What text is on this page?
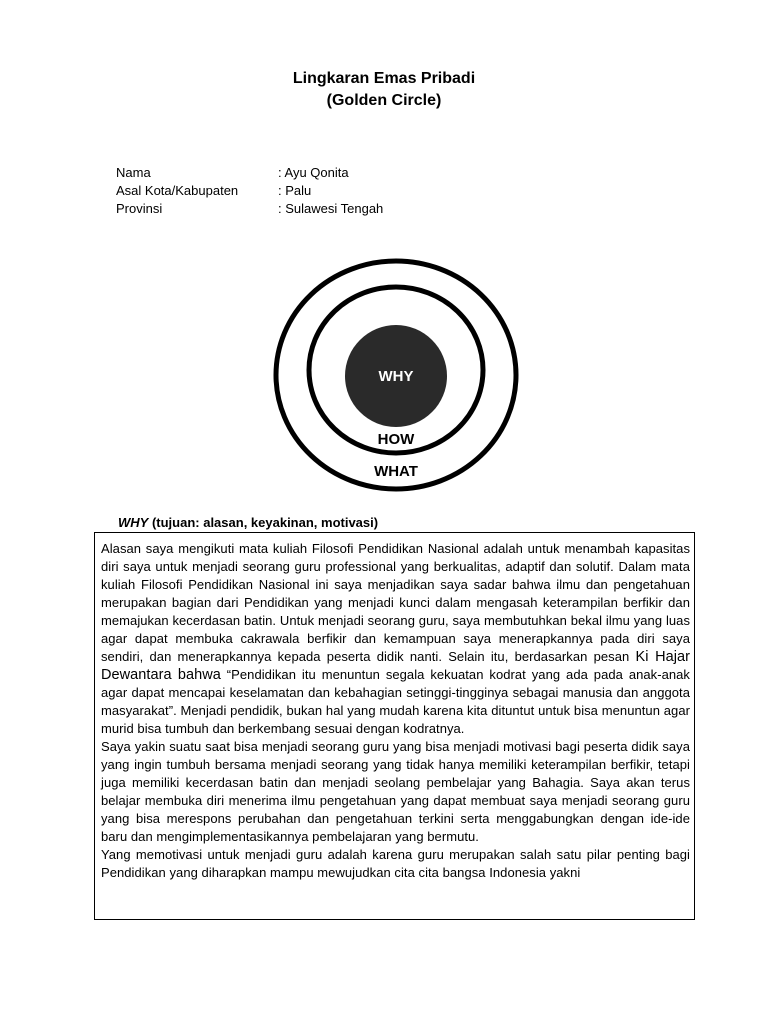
Lingkaran Emas Pribadi
(Golden Circle)
Nama	: Ayu Qonita
Asal Kota/Kabupaten	: Palu
Provinsi	: Sulawesi Tengah
WHY
HOW
WHAT
WHY (tujuan: alasan, keyakinan, motivasi)

Alasan saya mengikuti mata kuliah Filosofi Pendidikan Nasional adalah untuk menambah kapasitas diri saya untuk menjadi seorang guru professional yang berkualitas, adaptif dan solutif. Dalam mata kuliah Filosofi Pendidikan Nasional ini saya menjadikan saya sadar bahwa ilmu dan pengetahuan merupakan bagian dari Pendidikan yang menjadi kunci dalam mengasah keterampilan berfikir dan memajukan kecerdasan batin. Untuk menjadi seorang guru, saya membutuhkan bekal ilmu yang luas agar dapat membuka cakrawala berfikir dan kemampuan saya menerapkannya pada diri saya sendiri, dan menerapkannya kepada peserta didik nanti. Selain itu, berdasarkan pesan Ki Hajar Dewantara bahwa “Pendidikan itu menuntun segala kekuatan kodrat yang ada pada anak-anak agar dapat mencapai keselamatan dan kebahagian setinggi-tingginya sebagai manusia dan anggota masyarakat”. Menjadi pendidik, bukan hal yang mudah karena kita dituntut untuk bisa menuntun agar murid bisa tumbuh dan berkembang sesuai dengan kodratnya.

Saya yakin suatu saat bisa menjadi seorang guru yang bisa menjadi motivasi bagi peserta didik saya yang ingin tumbuh bersama menjadi seorang yang tidak hanya memiliki keterampilan berfikir, tetapi juga memiliki kecerdasan batin dan menjadi seolang pembelajar yang Bahagia. Saya akan terus belajar membuka diri menerima ilmu pengetahuan yang dapat membuat saya menjadi seorang guru yang bisa merespons perubahan dan pengetahuan terkini serta menggabungkan dengan ide-ide baru dan mengimplementasikannya pembelajaran yang bermutu.

Yang memotivasi untuk menjadi guru adalah karena guru merupakan salah satu pilar penting bagi Pendidikan yang diharapkan mampu mewujudkan cita cita bangsa Indonesia yakni
